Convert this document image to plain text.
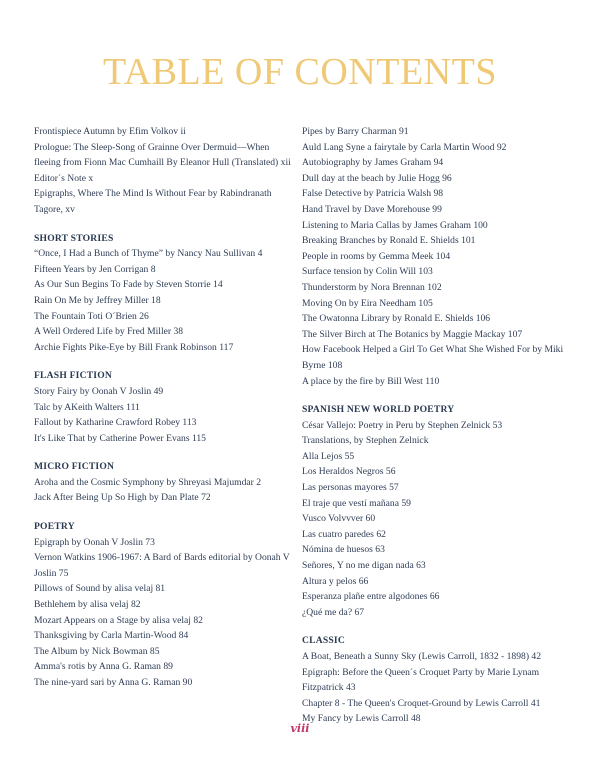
TABLE OF CONTENTS

Frontispiece Autumn by Efim Volkov ii

Prologue: The Sleep-Song of Grainne Over Dermuid—When fleeing from Fionn Mac Cumhaill By Eleanor Hull (Translated) xii

Editor´s Note x

Epigraphs, Where The Mind Is Without Fear by Rabindranath Tagore, xv

SHORT STORIES

“Once, I Had a Bunch of Thyme” by Nancy Nau Sullivan 4

Fifteen Years by Jen Corrigan 8

As Our Sun Begins To Fade by Steven Storrie 14

Rain On Me by Jeffrey Miller 18

The Fountain Toti O´Brien 26

A Well Ordered Life by Fred Miller 38

Archie Fights Pike-Eye by Bill Frank Robinson 117

FLASH FICTION

Story Fairy by Oonah V Joslin 49

Talc by AKeith Walters 111

Fallout by Katharine Crawford Robey 113

It's Like That by Catherine Power Evans 115

MICRO FICTION

Aroha and the Cosmic Symphony by Shreyasi Majumdar 2

Jack After Being Up So High by Dan Plate 72

POETRY

Epigraph by Oonah V Joslin 73

Vernon Watkins 1906-1967: A Bard of Bards editorial by Oonah V Joslin 75

Pillows of Sound by alisa velaj 81

Bethlehem by alisa velaj 82

Mozart Appears on a Stage by alisa velaj 82

Thanksgiving by Carla Martin-Wood 84

The Album by Nick Bowman 85

Amma's rotis by Anna G. Raman 89

The nine-yard sari by Anna G. Raman 90

Pipes by Barry Charman 91

Auld Lang Syne a fairytale by Carla Martin Wood 92

Autobiography by James Graham 94

Dull day at the beach by Julie Hogg 96

False Detective by Patricia Walsh 98

Hand Travel by Dave Morehouse 99

Listening to Maria Callas by James Graham 100

Breaking Branches by Ronald E. Shields 101

People in rooms by Gemma Meek 104

Surface tension by Colin Will 103

Thunderstorm by Nora Brennan 102

Moving On by Eira Needham 105

The Owatonna Library by Ronald E. Shields 106

The Silver Birch at The Botanics by Maggie Mackay 107

How Facebook Helped a Girl To Get What She Wished For by Miki Byrne 108

A place by the fire by Bill West 110

SPANISH NEW WORLD POETRY

César Vallejo: Poetry in Peru by Stephen Zelnick 53

Translations, by Stephen Zelnick

Alla Lejos 55

Los Heraldos Negros 56

Las personas mayores 57

El traje que vestí mañana 59

Vusco Volvvver 60

Las cuatro paredes 62

Nómina de huesos 63

Señores, Y no me digan nada 63

Altura y pelos 66

Esperanza plañe entre algodones 66

¿Qué me da? 67

CLASSIC

A Boat, Beneath a Sunny Sky (Lewis Carroll, 1832 - 1898) 42

Epigraph: Before the Queen´s Croquet Party by Marie Lynam Fitzpatrick 43

Chapter 8 - The Queen's Croquet-Ground by Lewis Carroll 41

My Fancy by Lewis Carroll 48

viii
